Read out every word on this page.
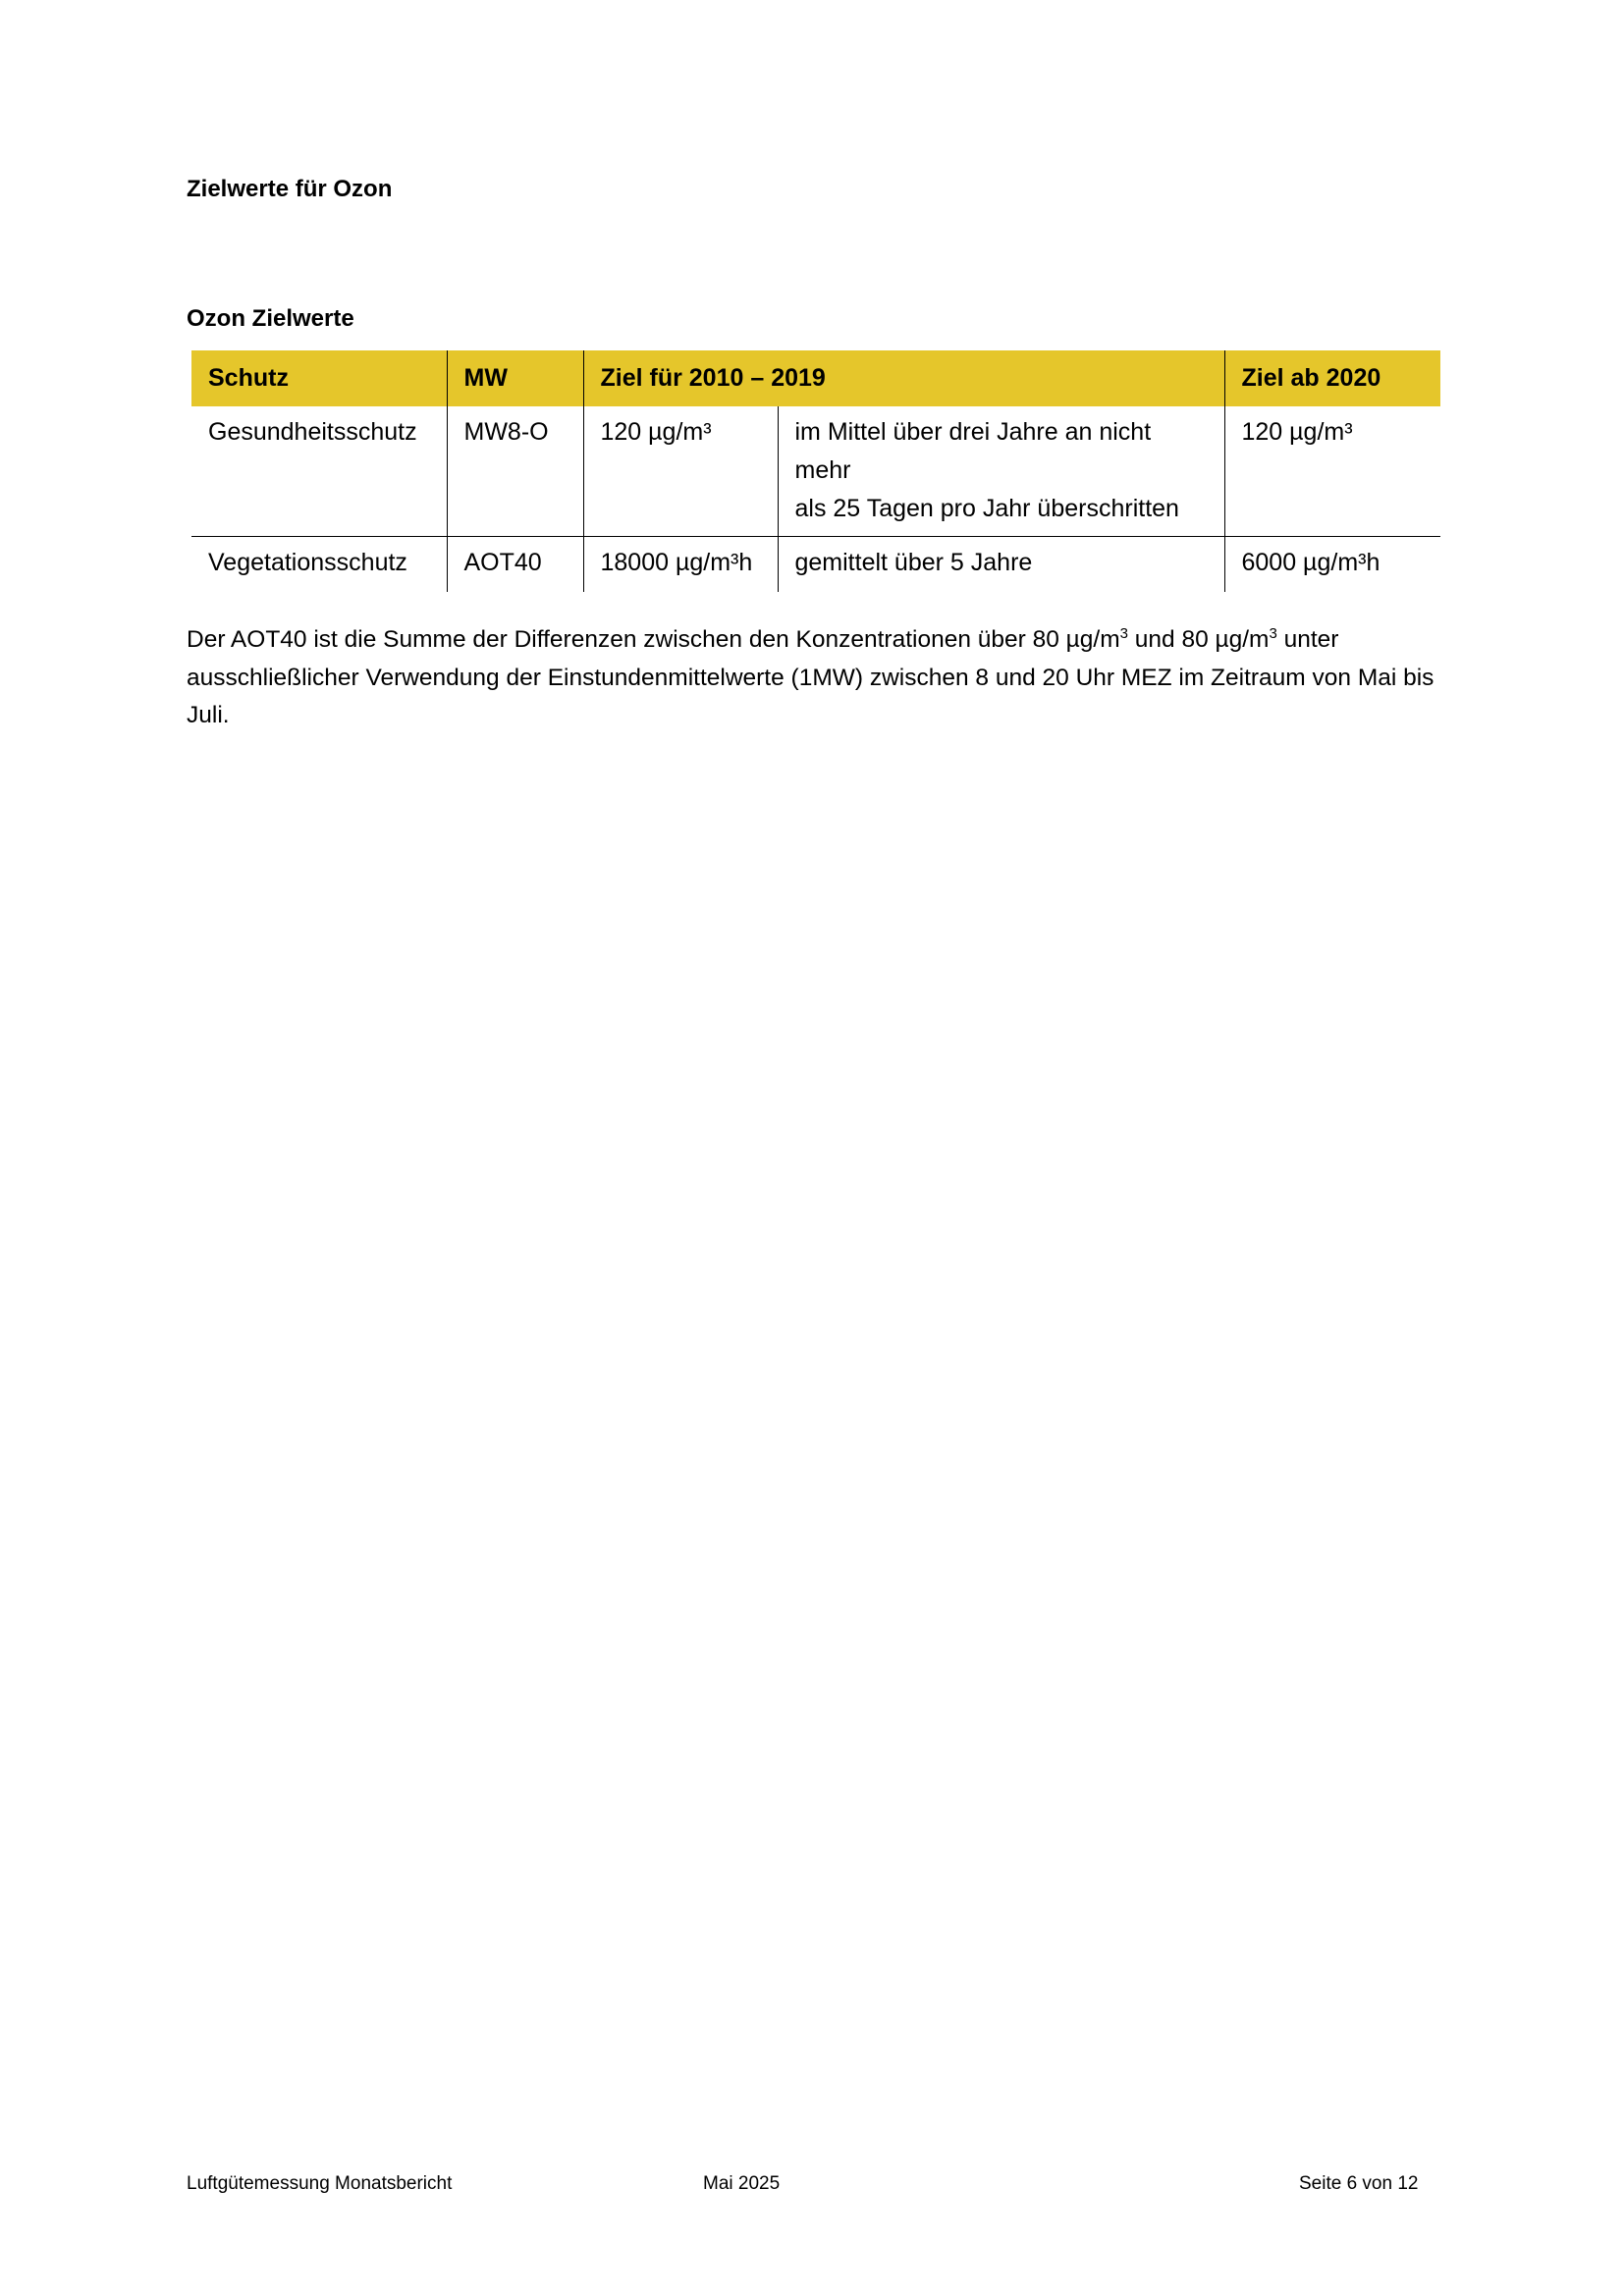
Zielwerte für Ozon
Ozon Zielwerte
Schutz	MW	Ziel für 2010 – 2019		Ziel ab 2020
Gesundheitsschutz	MW8-O	120 µg/m³	im Mittel über drei Jahre an nicht mehr
als 25 Tagen pro Jahr überschritten	120 µg/m³
Vegetationsschutz	AOT40	18000 µg/m³h	gemittelt über 5 Jahre	6000 µg/m³h

Der AOT40 ist die Summe der Differenzen zwischen den Konzentrationen über 80 $\mu g/m^3$ und 80 $\mu g/m^3$ unter ausschließlicher Verwendung der Einstundenmittelwerte (1MW) zwischen 8 und 20 Uhr MEZ im Zeitraum von Mai bis Juli.

Luftgütemessung Monatsbericht	Mai 2025	Seite 6 von 12
